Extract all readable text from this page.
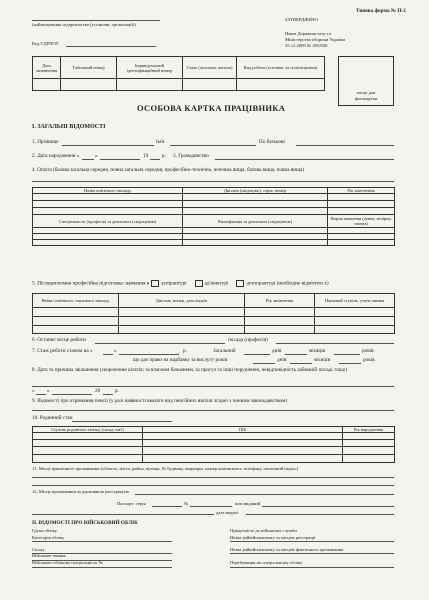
(найменування підприємства (установи, організації))
Код ЄДРПОУ
Типова форма № П-2
ЗАТВЕРДЖЕНО
Наказ Держкомстату та
Міністерства оборони України
25.12.2009 № 495/656
Дата заповнення	Табельний номер	Індивідуальний ідентифікаційний номер	Стать (чоловіча, жіноча)	Вид роботи (основна, за сумісництвом)

місце для фотокартки
ОСОБОВА КАРТКА ПРАЦІВНИКА
І. ЗАГАЛЬНІ ВІДОМОСТІ
1. Прізвище	Ім'я	По батькові
2. Дата народження «	»	19	р. 3. Громадянство
4. Освіта (базова загальна середня, повна загальна середня, професійно-технічна, неповна вища, базова вища, повна вища)
Назва освітнього закладу	Диплом (свідоцтво), серія, номер	Рік закінчення

Спеціальність (професія) за дипломом (свідоцтвом)	Кваліфікація за дипломом (свідоцтвом)	Форма навчання (денна, вечірня, заочна)

5. Післядипломна професійна підготовка: навчання в аспірантурі	ад'юнктурі	докторантурі (необхідне відмітити х)
Назва освітнього, наукового закладу	Диплом, номер, дата видачі	Рік закінчення	Науковий ступінь, учене звання

6. Останнє місце роботи	посада (професія)
7. Стаж роботи станом на «	»	р.	Загальний	днів	місяців	років
що дає право на надбавку за вислугу років	днів	місяців	років
8. Дата та причина звільнення (скорочення штатів; за власним бажанням, за прогул та інші порушення, невідповідність займаній посаді тощо)
« »	20	р.
9. Відомості про отримання пенсії (у разі наявності вказати вид пенсійних виплат згідно з чинним законодавством)
10. Родинний стан
Ступінь родинного зв'язку (склад сім'ї)	ПІБ	Рік народження

11. Місце фактичного проживання (область, місто, район, вулиця, № будинку, квартири, номер контактного телефону, поштовий індекс)
12. Місце проживання за державною реєстрацією
Паспорт: серія	№	ким виданий
дата видачі
ІІ. ВІДОМОСТІ ПРО ВІЙСЬКОВИЙ ОБЛІК
Група обліку
Категорія обліку
Склад
Військове звання
Військово-облікова спеціальність №
Придатність до військової служби
Назва райвійськкомату за місцем реєстрації
Назва райвійськкомату за місцем фактичного проживання
Перебування на спеціальному обліку
